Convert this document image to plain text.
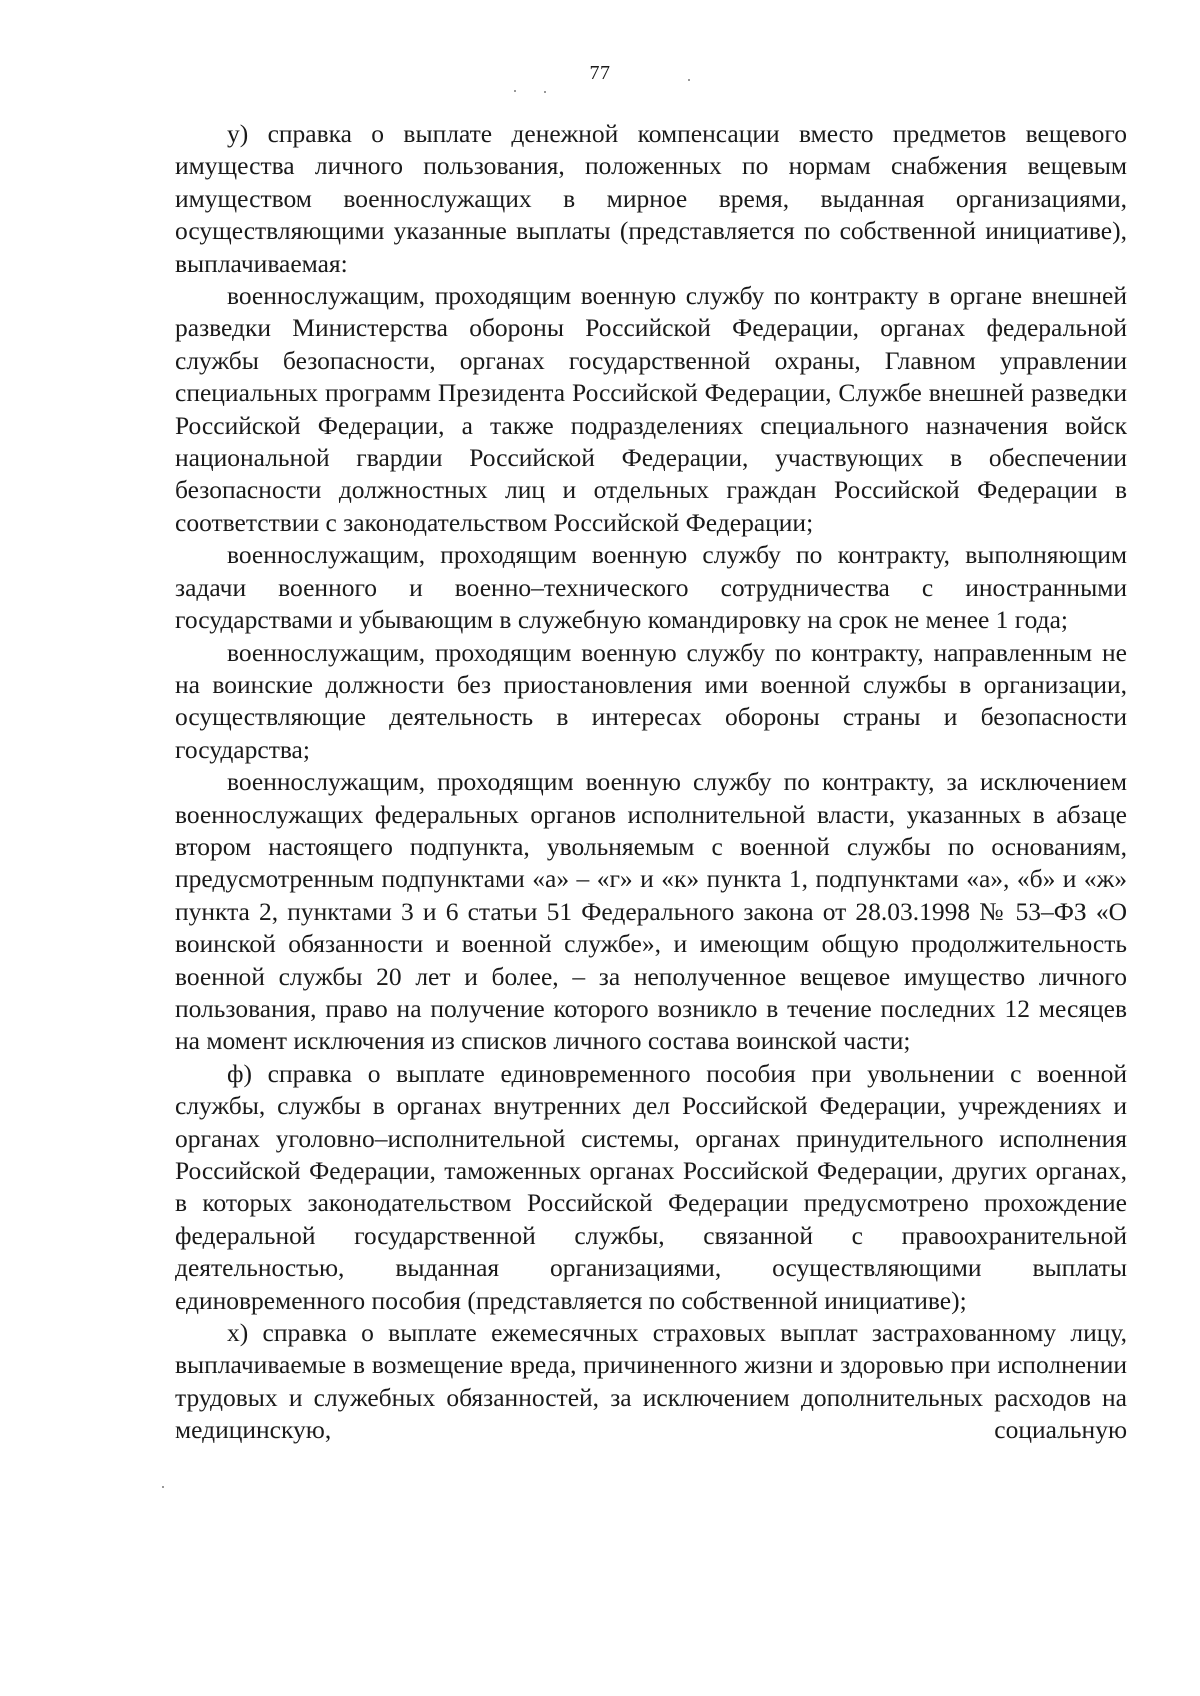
77

у) справка о выплате денежной компенсации вместо предметов вещевого имущества личного пользования, положенных по нормам снабжения вещевым имуществом военнослужащих в мирное время, выданная организациями, осуществляющими указанные выплаты (представляется по собственной инициативе), выплачиваемая:

военнослужащим, проходящим военную службу по контракту в органе внешней разведки Министерства обороны Российской Федерации, органах федеральной службы безопасности, органах государственной охраны, Главном управлении специальных программ Президента Российской Федерации, Службе внешней разведки Российской Федерации, а также подразделениях специального назначения войск национальной гвардии Российской Федерации, участвующих в обеспечении безопасности должностных лиц и отдельных граждан Российской Федерации в соответствии с законодательством Российской Федерации;

военнослужащим, проходящим военную службу по контракту, выполняющим задачи военного и военно–технического сотрудничества с иностранными государствами и убывающим в служебную командировку на срок не менее 1 года;

военнослужащим, проходящим военную службу по контракту, направленным не на воинские должности без приостановления ими военной службы в организации, осуществляющие деятельность в интересах обороны страны и безопасности государства;

военнослужащим, проходящим военную службу по контракту, за исключением военнослужащих федеральных органов исполнительной власти, указанных в абзаце втором настоящего подпункта, увольняемым с военной службы по основаниям, предусмотренным подпунктами «а» – «г» и «к» пункта 1, подпунктами «а», «б» и «ж» пункта 2, пунктами 3 и 6 статьи 51 Федерального закона от 28.03.1998 № 53–ФЗ «О воинской обязанности и военной службе», и имеющим общую продолжительность военной службы 20 лет и более, – за неполученное вещевое имущество личного пользования, право на получение которого возникло в течение последних 12 месяцев на момент исключения из списков личного состава воинской части;

ф) справка о выплате единовременного пособия при увольнении с военной службы, службы в органах внутренних дел Российской Федерации, учреждениях и органах уголовно–исполнительной системы, органах принудительного исполнения Российской Федерации, таможенных органах Российской Федерации, других органах, в которых законодательством Российской Федерации предусмотрено прохождение федеральной государственной службы, связанной с правоохранительной деятельностью, выданная организациями, осуществляющими выплаты единовременного пособия (представляется по собственной инициативе);

х) справка о выплате ежемесячных страховых выплат застрахованному лицу, выплачиваемые в возмещение вреда, причиненного жизни и здоровью при исполнении трудовых и служебных обязанностей, за исключением дополнительных расходов на медицинскую, социальную
